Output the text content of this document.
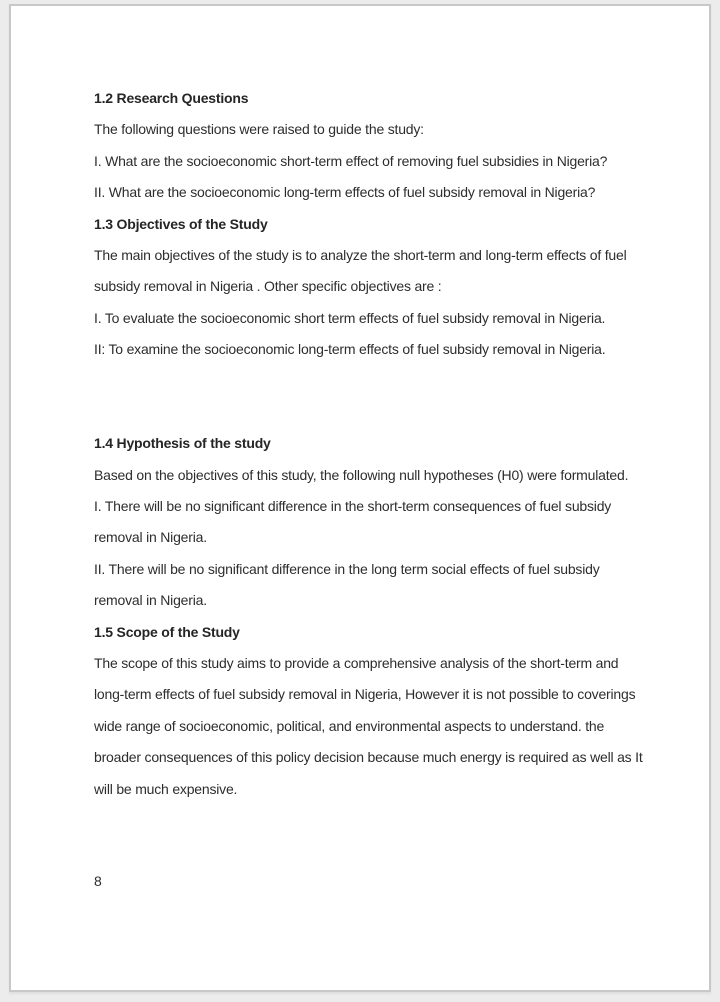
1.2 Research Questions
The following questions were raised to guide the study:
I. What are the socioeconomic short-term effect of removing fuel subsidies in Nigeria?
II. What are the socioeconomic long-term effects of fuel subsidy removal in Nigeria?
1.3 Objectives of the Study
The main objectives of the study is to analyze the short-term and long-term effects of fuel
subsidy removal in Nigeria . Other specific objectives are :
I. To evaluate the socioeconomic short term effects of fuel subsidy removal in Nigeria.
II: To examine the socioeconomic long-term effects of fuel subsidy removal in Nigeria.
1.4 Hypothesis of the study
Based on the objectives of this study, the following null hypotheses (H0) were formulated.
I. There will be no significant difference in the short-term consequences of fuel subsidy
removal in Nigeria.
II. There will be no significant difference in the long term social effects of fuel subsidy
removal in Nigeria.
1.5 Scope of the Study
The scope of this study aims to provide a comprehensive analysis of the short-term and
long-term effects of fuel subsidy removal in Nigeria, However it is not possible to coverings
wide range of socioeconomic, political, and environmental aspects to understand. the
broader consequences of this policy decision because much energy is required as well as It
will be much expensive.
8
